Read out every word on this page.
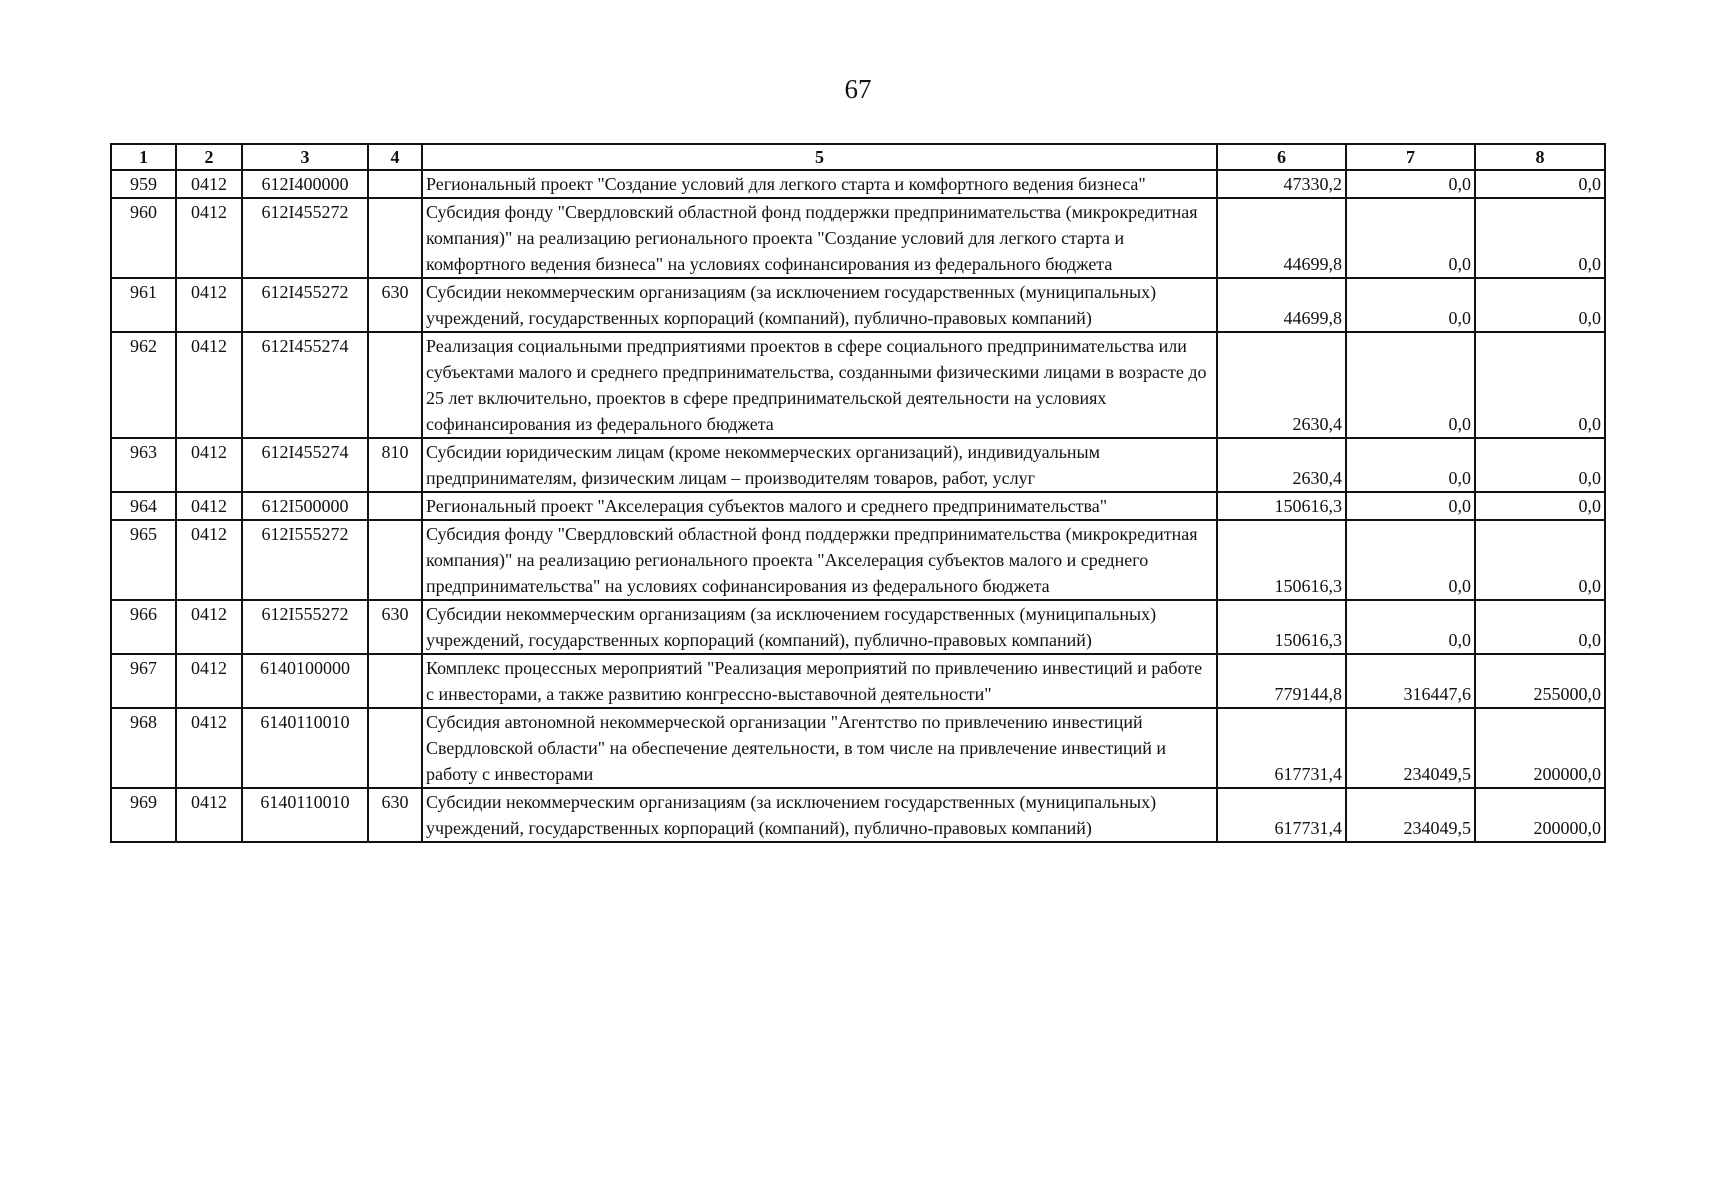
67
1	2	3	4	5	6	7	8
959	0412	612I400000		Региональный проект "Создание условий для легкого старта и комфортного ведения бизнеса"	47330,2	0,0	0,0
960	0412	612I455272		Субсидия фонду "Свердловский областной фонд поддержки предпринимательства (микрокредитная компания)" на реализацию регионального проекта "Создание условий для легкого старта и комфортного ведения бизнеса" на условиях софинансирования из федерального бюджета	44699,8	0,0	0,0
961	0412	612I455272	630	Субсидии некоммерческим организациям (за исключением государственных (муниципальных) учреждений, государственных корпораций (компаний), публично-правовых компаний)	44699,8	0,0	0,0
962	0412	612I455274		Реализация социальными предприятиями проектов в сфере социального предпринимательства или субъектами малого и среднего предпринимательства, созданными физическими лицами в возрасте до 25 лет включительно, проектов в сфере предпринимательской деятельности на условиях софинансирования из федерального бюджета	2630,4	0,0	0,0
963	0412	612I455274	810	Субсидии юридическим лицам (кроме некоммерческих организаций), индивидуальным предпринимателям, физическим лицам – производителям товаров, работ, услуг	2630,4	0,0	0,0
964	0412	612I500000		Региональный проект "Акселерация субъектов малого и среднего предпринимательства"	150616,3	0,0	0,0
965	0412	612I555272		Субсидия фонду "Свердловский областной фонд поддержки предпринимательства (микрокредитная компания)" на реализацию регионального проекта "Акселерация субъектов малого и среднего предпринимательства" на условиях софинансирования из федерального бюджета	150616,3	0,0	0,0
966	0412	612I555272	630	Субсидии некоммерческим организациям (за исключением государственных (муниципальных) учреждений, государственных корпораций (компаний), публично-правовых компаний)	150616,3	0,0	0,0
967	0412	6140100000		Комплекс процессных мероприятий "Реализация мероприятий по привлечению инвестиций и работе с инвесторами, а также развитию конгрессно-выставочной деятельности"	779144,8	316447,6	255000,0
968	0412	6140110010		Субсидия автономной некоммерческой организации "Агентство по привлечению инвестиций Свердловской области" на обеспечение деятельности, в том числе на привлечение инвестиций и работу с инвесторами	617731,4	234049,5	200000,0
969	0412	6140110010	630	Субсидии некоммерческим организациям (за исключением государственных (муниципальных) учреждений, государственных корпораций (компаний), публично-правовых компаний)	617731,4	234049,5	200000,0
